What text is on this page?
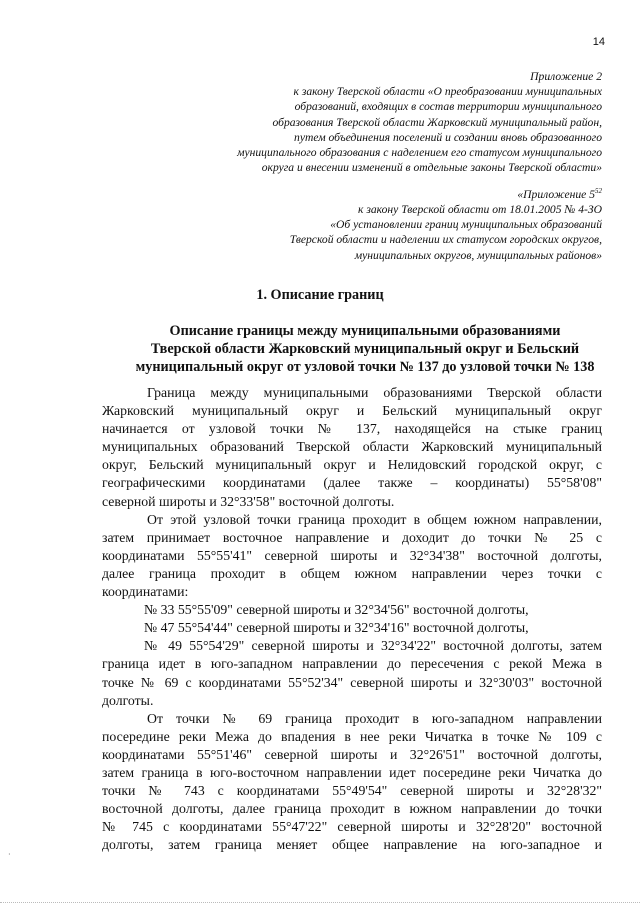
14
Приложение 2
к закону Тверской области «О преобразовании муниципальных
образований, входящих в состав территории муниципального
образования Тверской области Жарковский муниципальный район,
путем объединения поселений и создании вновь образованного
муниципального образования с наделением его статусом муниципального
округа и внесении изменений в отдельные законы Тверской области»
«Приложение $5^{52}$
к закону Тверской области от 18.01.2005 № 4-ЗО
«Об установлении границ муниципальных образований
Тверской области и наделении их статусом городских округов,
муниципальных округов, муниципальных районов»
1. Описание границ
Описание границы между муниципальными образованиями
Тверской области Жарковский муниципальный округ и Бельский
муниципальный округ от узловой точки № 137 до узловой точки № 138
Граница между муниципальными образованиями Тверской области
Жарковский муниципальный округ и Бельский муниципальный округ
начинается от узловой точки № 137, находящейся на стыке границ
муниципальных образований Тверской области Жарковский муниципальный
округ, Бельский муниципальный округ и Нелидовский городской округ, с
географическими координатами (далее также – координаты) 55°58'08"
северной широты и 32°33'58" восточной долготы.
От этой узловой точки граница проходит в общем южном направлении,
затем принимает восточное направление и доходит до точки № 25 с
координатами 55°55'41" северной широты и 32°34'38" восточной долготы,
далее граница проходит в общем южном направлении через точки с
координатами:
№ 33 55°55'09" северной широты и 32°34'56" восточной долготы,
№ 47 55°54'44" северной широты и 32°34'16" восточной долготы,
№ 49 55°54'29" северной широты и 32°34'22" восточной долготы, затем
граница идет в юго-западном направлении до пересечения с рекой Межа в
точке № 69 с координатами 55°52'34" северной широты и 32°30'03" восточной
долготы.
От точки № 69 граница проходит в юго-западном направлении
посередине реки Межа до впадения в нее реки Чичатка в точке № 109 с
координатами 55°51'46" северной широты и 32°26'51" восточной долготы,
затем граница в юго-восточном направлении идет посередине реки Чичатка до
точки № 743 с координатами 55°49'54" северной широты и 32°28'32"
восточной долготы, далее граница проходит в южном направлении до точки
№ 745 с координатами 55°47'22" северной широты и 32°28'20" восточной
долготы, затем граница меняет общее направление на юго-западное и
·
